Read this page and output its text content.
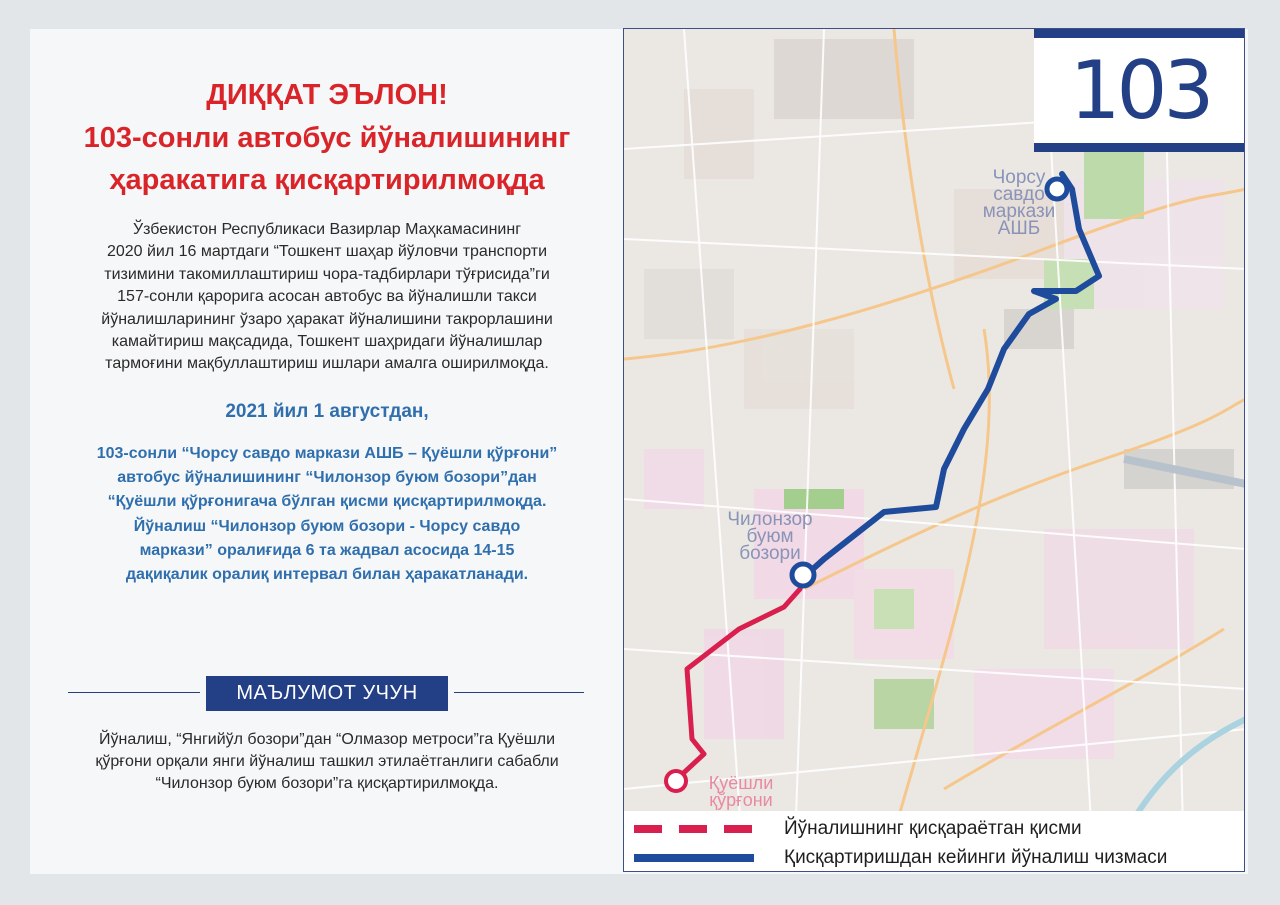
ДИҚҚАТ ЭЪЛОН!
103-сонли автобус йўналишининг
ҳаракатига қисқартирилмоқда

Ўзбекистон Республикаси Вазирлар Маҳкамасининг
2020 йил 16 мартдаги “Тошкент шаҳар йўловчи транспорти
тизимини такомиллаштириш чора-тадбирлари тўғрисида”ги
157-сонли қарорига асосан автобус ва йўналишли такси
йўналишларининг ўзаро ҳаракат йўналишини такрорлашини
камайтириш мақсадида, Тошкент шаҳридаги йўналишлар
тармоғини мақбуллаштириш ишлари амалга оширилмоқда.

2021 йил 1 августдан,

103-сонли “Чорсу савдо маркази АШБ – Қуёшли қўрғони”
автобус йўналишининг “Чилонзор буюм бозори”дан
“Қуёшли қўрғонигача бўлган қисми қисқартирилмоқда.
Йўналиш “Чилонзор буюм бозори - Чорсу савдо
маркази” оралиғида 6 та жадвал асосида 14-15
дақиқалик оралиқ интервал билан ҳаракатланади.

МАЪЛУМОТ УЧУН

Йўналиш, “Янгийўл бозори”дан “Олмазор метроси”га Қуёшли
қўрғони орқали янги йўналиш ташкил этилаётганлиги сабабли
“Чилонзор буюм бозори”га қисқартирилмоқда.

103
Чорсу
савдо
маркази
АШБ
Чилонзор
буюм
бозори
Қуёшли
қўрғони
Йўналишнинг қисқараётган қисми
Қисқартиришдан кейинги йўналиш чизмаси
